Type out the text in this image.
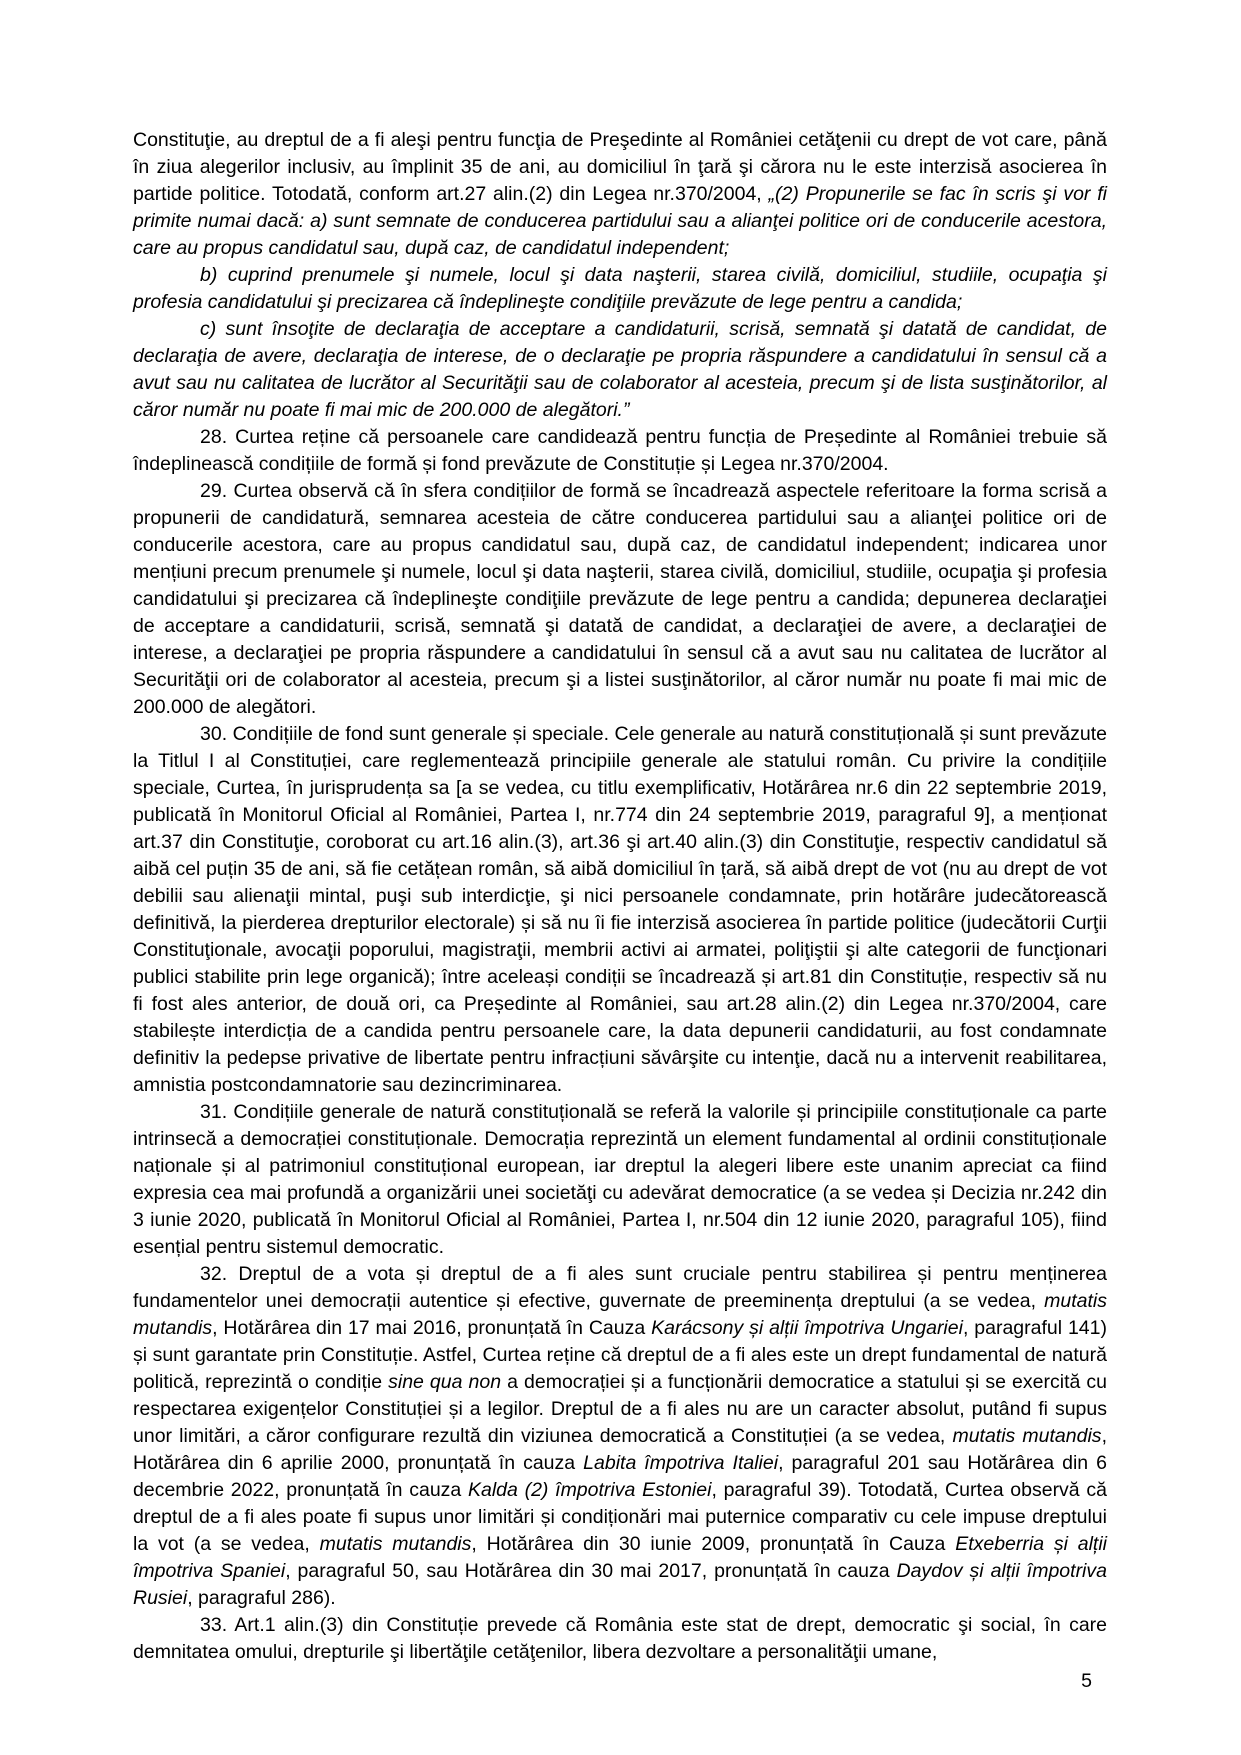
Constituţie, au dreptul de a fi aleşi pentru funcţia de Preşedinte al României cetăţenii cu drept de vot care, până în ziua alegerilor inclusiv, au împlinit 35 de ani, au domiciliul în ţară şi cărora nu le este interzisă asocierea în partide politice. Totodată, conform art.27 alin.(2) din Legea nr.370/2004, „(2) Propunerile se fac în scris şi vor fi primite numai dacă: a) sunt semnate de conducerea partidului sau a alianţei politice ori de conducerile acestora, care au propus candidatul sau, după caz, de candidatul independent;

b) cuprind prenumele şi numele, locul şi data naşterii, starea civilă, domiciliul, studiile, ocupaţia şi profesia candidatului şi precizarea că îndeplineşte condiţiile prevăzute de lege pentru a candida;

c) sunt însoţite de declaraţia de acceptare a candidaturii, scrisă, semnată şi datată de candidat, de declaraţia de avere, declaraţia de interese, de o declaraţie pe propria răspundere a candidatului în sensul că a avut sau nu calitatea de lucrător al Securităţii sau de colaborator al acesteia, precum şi de lista susţinătorilor, al căror număr nu poate fi mai mic de 200.000 de alegători.”

28. Curtea reține că persoanele care candidează pentru funcția de Președinte al României trebuie să îndeplinească condițiile de formă și fond prevăzute de Constituție și Legea nr.370/2004.

29. Curtea observă că în sfera condițiilor de formă se încadrează aspectele referitoare la forma scrisă a propunerii de candidatură, semnarea acesteia de către conducerea partidului sau a alianţei politice ori de conducerile acestora, care au propus candidatul sau, după caz, de candidatul independent; indicarea unor mențiuni precum prenumele şi numele, locul şi data naşterii, starea civilă, domiciliul, studiile, ocupaţia şi profesia candidatului şi precizarea că îndeplineşte condiţiile prevăzute de lege pentru a candida; depunerea declaraţiei de acceptare a candidaturii, scrisă, semnată şi datată de candidat, a declaraţiei de avere, a declaraţiei de interese, a declaraţiei pe propria răspundere a candidatului în sensul că a avut sau nu calitatea de lucrător al Securităţii ori de colaborator al acesteia, precum şi a listei susţinătorilor, al căror număr nu poate fi mai mic de 200.000 de alegători.

30. Condițiile de fond sunt generale și speciale. Cele generale au natură constituțională și sunt prevăzute la Titlul I al Constituției, care reglementează principiile generale ale statului român. Cu privire la condițiile speciale, Curtea, în jurisprudența sa [a se vedea, cu titlu exemplificativ, Hotărârea nr.6 din 22 septembrie 2019, publicată în Monitorul Oficial al României, Partea I, nr.774 din 24 septembrie 2019, paragraful 9], a menționat art.37 din Constituţie, coroborat cu art.16 alin.(3), art.36 şi art.40 alin.(3) din Constituţie, respectiv candidatul să aibă cel puțin 35 de ani, să fie cetățean român, să aibă domiciliul în țară, să aibă drept de vot (nu au drept de vot debilii sau alienaţii mintal, puşi sub interdicţie, şi nici persoanele condamnate, prin hotărâre judecătorească definitivă, la pierderea drepturilor electorale) și să nu îi fie interzisă asocierea în partide politice (judecătorii Curţii Constituţionale, avocaţii poporului, magistraţii, membrii activi ai armatei, poliţiştii şi alte categorii de funcţionari publici stabilite prin lege organică); între aceleași condiții se încadrează și art.81 din Constituție, respectiv să nu fi fost ales anterior, de două ori, ca Președinte al României, sau art.28 alin.(2) din Legea nr.370/2004, care stabilește interdicția de a candida pentru persoanele care, la data depunerii candidaturii, au fost condamnate definitiv la pedepse privative de libertate pentru infracțiuni săvârşite cu intenţie, dacă nu a intervenit reabilitarea, amnistia postcondamnatorie sau dezincriminarea.

31. Condițiile generale de natură constituțională se referă la valorile și principiile constituționale ca parte intrinsecă a democrației constituționale. Democrația reprezintă un element fundamental al ordinii constituționale naționale și al patrimoniul constituțional european, iar dreptul la alegeri libere este unanim apreciat ca fiind expresia cea mai profundă a organizării unei societăţi cu adevărat democratice (a se vedea și Decizia nr.242 din 3 iunie 2020, publicată în Monitorul Oficial al României, Partea I, nr.504 din 12 iunie 2020, paragraful 105), fiind esențial pentru sistemul democratic.

32. Dreptul de a vota și dreptul de a fi ales sunt cruciale pentru stabilirea și pentru menținerea fundamentelor unei democrații autentice și efective, guvernate de preeminența dreptului (a se vedea, mutatis mutandis, Hotărârea din 17 mai 2016, pronunțată în Cauza Karácsony și alții împotriva Ungariei, paragraful 141) și sunt garantate prin Constituție. Astfel, Curtea reține că dreptul de a fi ales este un drept fundamental de natură politică, reprezintă o condiție sine qua non a democrației și a funcționării democratice a statului și se exercită cu respectarea exigențelor Constituției și a legilor. Dreptul de a fi ales nu are un caracter absolut, putând fi supus unor limitări, a căror configurare rezultă din viziunea democratică a Constituției (a se vedea, mutatis mutandis, Hotărârea din 6 aprilie 2000, pronunțată în cauza Labita împotriva Italiei, paragraful 201 sau Hotărârea din 6 decembrie 2022, pronunțată în cauza Kalda (2) împotriva Estoniei, paragraful 39). Totodată, Curtea observă că dreptul de a fi ales poate fi supus unor limitări și condiționări mai puternice comparativ cu cele impuse dreptului la vot (a se vedea, mutatis mutandis, Hotărârea din 30 iunie 2009, pronunțată în Cauza Etxeberria și alții împotriva Spaniei, paragraful 50, sau Hotărârea din 30 mai 2017, pronunțată în cauza Daydov și alții împotriva Rusiei, paragraful 286).

33. Art.1 alin.(3) din Constituție prevede că România este stat de drept, democratic şi social, în care demnitatea omului, drepturile şi libertăţile cetăţenilor, libera dezvoltare a personalităţii umane,

5
